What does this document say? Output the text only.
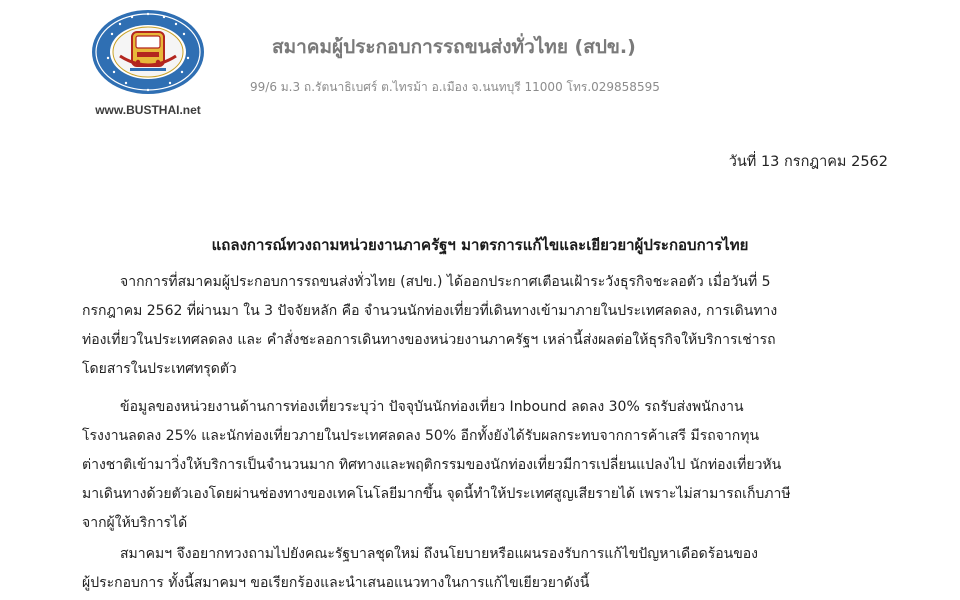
www.BUSTHAI.net
สมาคมผู้ประกอบการรถขนส่งทั่วไทย (สปข.)
99/6 ม.3 ถ.รัตนาธิเบศร์ ต.ไทรม้า อ.เมือง จ.นนทบุรี 11000 โทร.029858595
วันที่ 13 กรกฎาคม 2562
แถลงการณ์ทวงถามหน่วยงานภาครัฐฯ มาตรการแก้ไขและเยียวยาผู้ประกอบการไทย

จากการที่สมาคมผู้ประกอบการรถขนส่งทั่วไทย (สปข.) ได้ออกประกาศเตือนเฝ้าระวังธุรกิจชะลอตัว เมื่อวันที่ 5
กรกฎาคม 2562 ที่ผ่านมา ใน 3 ปัจจัยหลัก คือ จำนวนนักท่องเที่ยวที่เดินทางเข้ามาภายในประเทศลดลง, การเดินทาง
ท่องเที่ยวในประเทศลดลง และ คำสั่งชะลอการเดินทางของหน่วยงานภาครัฐฯ เหล่านี้ส่งผลต่อให้ธุรกิจให้บริการเช่ารถ
โดยสารในประเทศทรุดตัว

ข้อมูลของหน่วยงานด้านการท่องเที่ยวระบุว่า ปัจจุบันนักท่องเที่ยว Inbound ลดลง 30% รถรับส่งพนักงาน
โรงงานลดลง 25% และนักท่องเที่ยวภายในประเทศลดลง 50% อีกทั้งยังได้รับผลกระทบจากการค้าเสรี มีรถจากทุน
ต่างชาติเข้ามาวิ่งให้บริการเป็นจำนวนมาก ทิศทางและพฤติกรรมของนักท่องเที่ยวมีการเปลี่ยนแปลงไป นักท่องเที่ยวหัน
มาเดินทางด้วยตัวเองโดยผ่านช่องทางของเทคโนโลยีมากขึ้น จุดนี้ทำให้ประเทศสูญเสียรายได้ เพราะไม่สามารถเก็บภาษี
จากผู้ให้บริการได้

สมาคมฯ จึงอยากทวงถามไปยังคณะรัฐบาลชุดใหม่ ถึงนโยบายหรือแผนรองรับการแก้ไขปัญหาเดือดร้อนของ
ผู้ประกอบการ ทั้งนี้สมาคมฯ ขอเรียกร้องและนำเสนอแนวทางในการแก้ไขเยียวยาดังนี้
